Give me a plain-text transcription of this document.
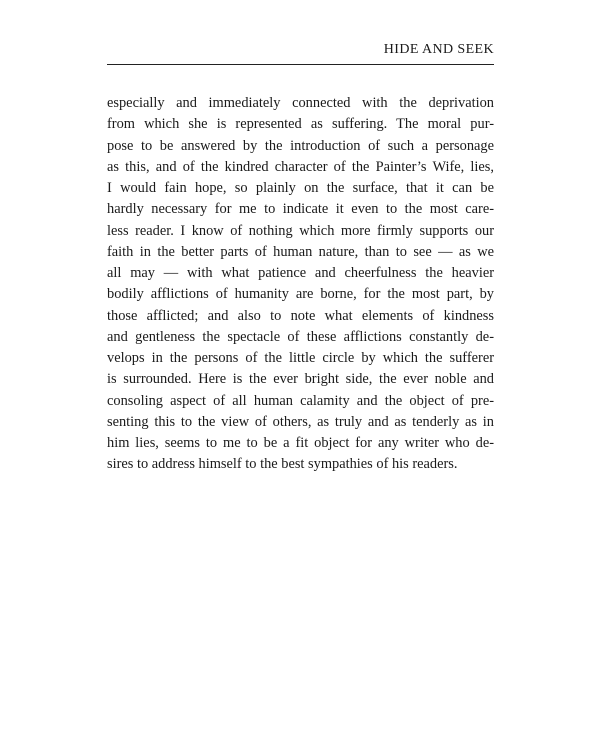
HIDE AND SEEK
especially and immediately connected with the deprivation
from which she is represented as suffering. The moral pur-
pose to be answered by the introduction of such a personage
as this, and of the kindred character of the Painter’s Wife, lies,
I would fain hope, so plainly on the surface, that it can be
hardly necessary for me to indicate it even to the most care-
less reader. I know of nothing which more firmly supports our
faith in the better parts of human nature, than to see — as we
all may — with what patience and cheerfulness the heavier
bodily afflictions of humanity are borne, for the most part, by
those afflicted; and also to note what elements of kindness
and gentleness the spectacle of these afflictions constantly de-
velops in the persons of the little circle by which the sufferer
is surrounded. Here is the ever bright side, the ever noble and
consoling aspect of all human calamity and the object of pre-
senting this to the view of others, as truly and as tenderly as in
him lies, seems to me to be a fit object for any writer who de-
sires to address himself to the best sympathies of his readers.
